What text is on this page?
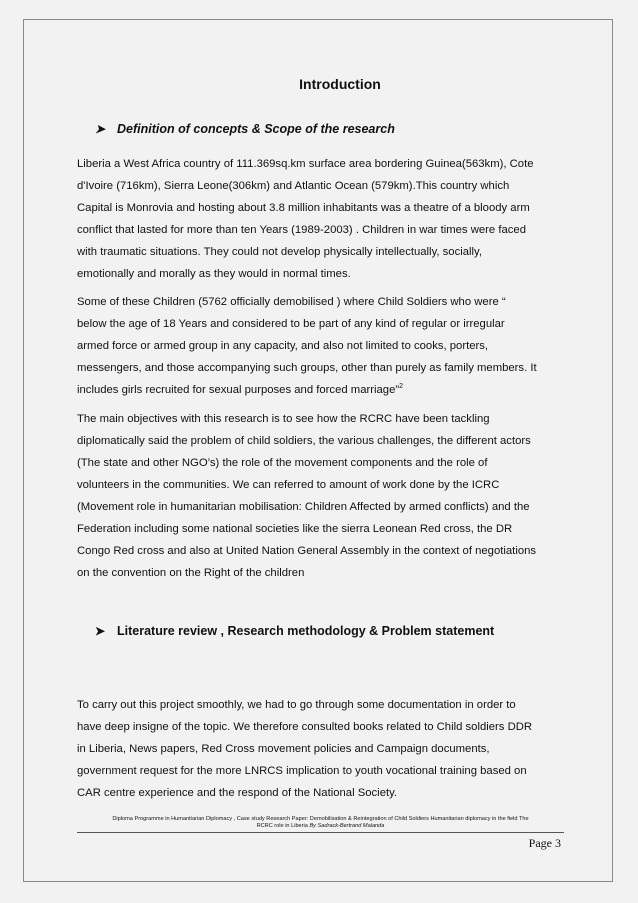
Introduction
➤ Definition of concepts & Scope of the research
Liberia a West Africa country of 111.369sq.km surface area bordering Guinea(563km), Cote
d'Ivoire (716km), Sierra Leone(306km) and Atlantic Ocean (579km).This country which
Capital is Monrovia and hosting about 3.8 million inhabitants was a theatre of a bloody arm
conflict that lasted for more than ten Years (1989-2003) . Children in war times were faced
with traumatic situations. They could not develop physically intellectually, socially,
emotionally and morally as they would in normal times.
Some of these Children (5762 officially demobilised ) where Child Soldiers who were “
below the age of 18 Years and considered to be part of any kind of regular or irregular
armed force or armed group in any capacity, and also not limited to cooks, porters,
messengers, and those accompanying such groups, other than purely as family members. It
includes girls recruited for sexual purposes and forced marriage”$^2$
The main objectives with this research is to see how the RCRC have been tackling
diplomatically said the problem of child soldiers, the various challenges, the different actors
(The state and other NGO’s) the role of the movement components and the role of
volunteers in the communities. We can referred to amount of work done by the ICRC
(Movement role in humanitarian mobilisation: Children Affected by armed conflicts) and the
Federation including some national societies like the sierra Leonean Red cross, the DR
Congo Red cross and also at United Nation General Assembly in the context of negotiations
on the convention on the Right of the children
➤ Literature review , Research methodology & Problem statement
To carry out this project smoothly, we had to go through some documentation in order to
have deep insigne of the topic. We therefore consulted books related to Child soldiers DDR
in Liberia, News papers, Red Cross movement policies and Campaign documents,
government request for the more LNRCS implication to youth vocational training based on
CAR centre experience and the respond of the National Society.
Diploma Programme in Humanitarian Diplomacy , Case study Research Paper: Demobilisation & Reintegration of Child Soldiers Humanitarian diplomacy in the field The
RCRC role in Liberia By Sadrack-Bertrand Malanda
Page 3
